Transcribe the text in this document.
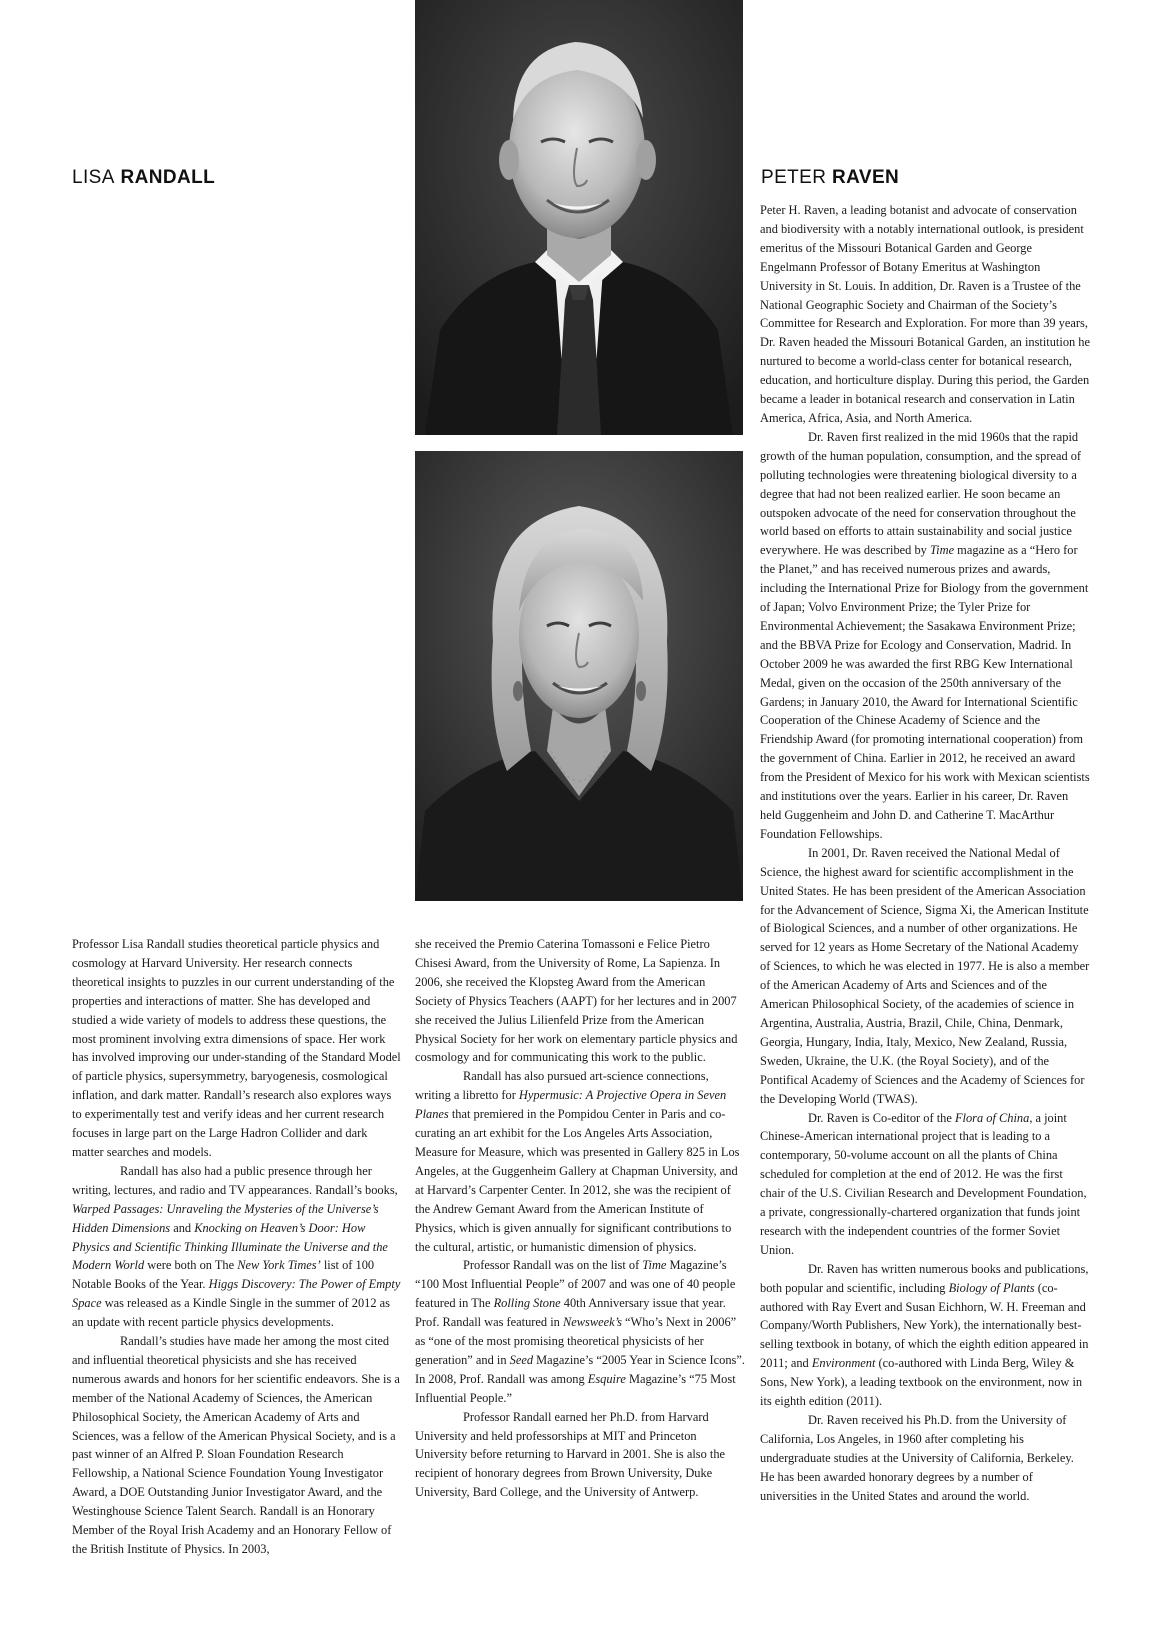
LISA RANDALL	PETER RAVEN

Professor Lisa Randall studies theoretical particle physics and cosmology at Harvard University. Her research connects theoretical insights to puzzles in our current understanding of the properties and interactions of matter. She has developed and studied a wide variety of models to address these questions, the most prominent involving extra dimensions of space. Her work has involved improving our under-standing of the Standard Model of particle physics, supersymmetry, baryogenesis, cosmological inflation, and dark matter. Randall’s research also explores ways to experimentally test and verify ideas and her current research focuses in large part on the Large Hadron Collider and dark matter searches and models.

Randall has also had a public presence through her writing, lectures, and radio and TV appearances. Randall’s books, Warped Passages: Unraveling the Mysteries of the Universe’s Hidden Dimensions and Knocking on Heaven’s Door: How Physics and Scientific Thinking Illuminate the Universe and the Modern World were both on The New York Times’ list of 100 Notable Books of the Year. Higgs Discovery: The Power of Empty Space was released as a Kindle Single in the summer of 2012 as an update with recent particle physics developments.

Randall’s studies have made her among the most cited and influential theoretical physicists and she has received numerous awards and honors for her scientific endeavors. She is a member of the National Academy of Sciences, the American Philosophical Society, the American Academy of Arts and Sciences, was a fellow of the American Physical Society, and is a past winner of an Alfred P. Sloan Foundation Research Fellowship, a National Science Foundation Young Investigator Award, a DOE Outstanding Junior Investigator Award, and the Westinghouse Science Talent Search. Randall is an Honorary Member of the Royal Irish Academy and an Honorary Fellow of the British Institute of Physics. In 2003,

she received the Premio Caterina Tomassoni e Felice Pietro Chisesi Award, from the University of Rome, La Sapienza. In 2006, she received the Klopsteg Award from the American Society of Physics Teachers (AAPT) for her lectures and in 2007 she received the Julius Lilienfeld Prize from the American Physical Society for her work on elementary particle physics and cosmology and for communicating this work to the public.

Randall has also pursued art-science connections, writing a libretto for Hypermusic: A Projective Opera in Seven Planes that premiered in the Pompidou Center in Paris and co-curating an art exhibit for the Los Angeles Arts Association, Measure for Measure, which was presented in Gallery 825 in Los Angeles, at the Guggenheim Gallery at Chapman University, and at Harvard’s Carpenter Center. In 2012, she was the recipient of the Andrew Gemant Award from the American Institute of Physics, which is given annually for significant contributions to the cultural, artistic, or humanistic dimension of physics.

Professor Randall was on the list of Time Magazine’s “100 Most Influential People” of 2007 and was one of 40 people featured in The Rolling Stone 40th Anniversary issue that year. Prof. Randall was featured in Newsweek’s “Who’s Next in 2006” as “one of the most promising theoretical physicists of her generation” and in Seed Magazine’s “2005 Year in Science Icons”. In 2008, Prof. Randall was among Esquire Magazine’s “75 Most Influential People.”

Professor Randall earned her Ph.D. from Harvard University and held professorships at MIT and Princeton University before returning to Harvard in 2001. She is also the recipient of honorary degrees from Brown University, Duke University, Bard College, and the University of Antwerp.

Peter H. Raven, a leading botanist and advocate of conservation and biodiversity with a notably international outlook, is president emeritus of the Missouri Botanical Garden and George Engelmann Professor of Botany Emeritus at Washington University in St. Louis. In addition, Dr. Raven is a Trustee of the National Geographic Society and Chairman of the Society’s Committee for Research and Exploration. For more than 39 years, Dr. Raven headed the Missouri Botanical Garden, an institution he nurtured to become a world-class center for botanical research, education, and horticulture display. During this period, the Garden became a leader in botanical research and conservation in Latin America, Africa, Asia, and North America.

Dr. Raven first realized in the mid 1960s that the rapid growth of the human population, consumption, and the spread of polluting technologies were threatening biological diversity to a degree that had not been realized earlier. He soon became an outspoken advocate of the need for conservation throughout the world based on efforts to attain sustainability and social justice everywhere. He was described by Time magazine as a “Hero for the Planet,” and has received numerous prizes and awards, including the International Prize for Biology from the government of Japan; Volvo Environment Prize; the Tyler Prize for Environmental Achievement; the Sasakawa Environment Prize; and the BBVA Prize for Ecology and Conservation, Madrid. In October 2009 he was awarded the first RBG Kew International Medal, given on the occasion of the 250th anniversary of the Gardens; in January 2010, the Award for International Scientific Cooperation of the Chinese Academy of Science and the Friendship Award (for promoting international cooperation) from the government of China. Earlier in 2012, he received an award from the President of Mexico for his work with Mexican scientists and institutions over the years. Earlier in his career, Dr. Raven held Guggenheim and John D. and Catherine T. MacArthur Foundation Fellowships.

In 2001, Dr. Raven received the National Medal of Science, the highest award for scientific accomplishment in the United States. He has been president of the American Association for the Advancement of Science, Sigma Xi, the American Institute of Biological Sciences, and a number of other organizations. He served for 12 years as Home Secretary of the National Academy of Sciences, to which he was elected in 1977. He is also a member of the American Academy of Arts and Sciences and of the American Philosophical Society, of the academies of science in Argentina, Australia, Austria, Brazil, Chile, China, Denmark, Georgia, Hungary, India, Italy, Mexico, New Zealand, Russia, Sweden, Ukraine, the U.K. (the Royal Society), and of the Pontifical Academy of Sciences and the Academy of Sciences for the Developing World (TWAS).

Dr. Raven is Co-editor of the Flora of China, a joint Chinese-American international project that is leading to a contemporary, 50-volume account on all the plants of China scheduled for completion at the end of 2012. He was the first chair of the U.S. Civilian Research and Development Foundation, a private, congressionally-chartered organization that funds joint research with the independent countries of the former Soviet Union.

Dr. Raven has written numerous books and publications, both popular and scientific, including Biology of Plants (co-authored with Ray Evert and Susan Eichhorn, W. H. Freeman and Company/Worth Publishers, New York), the internationally best-selling textbook in botany, of which the eighth edition appeared in 2011; and Environment (co-authored with Linda Berg, Wiley & Sons, New York), a leading textbook on the environment, now in its eighth edition (2011).

Dr. Raven received his Ph.D. from the University of California, Los Angeles, in 1960 after completing his undergraduate studies at the University of California, Berkeley. He has been awarded honorary degrees by a number of universities in the United States and around the world.
